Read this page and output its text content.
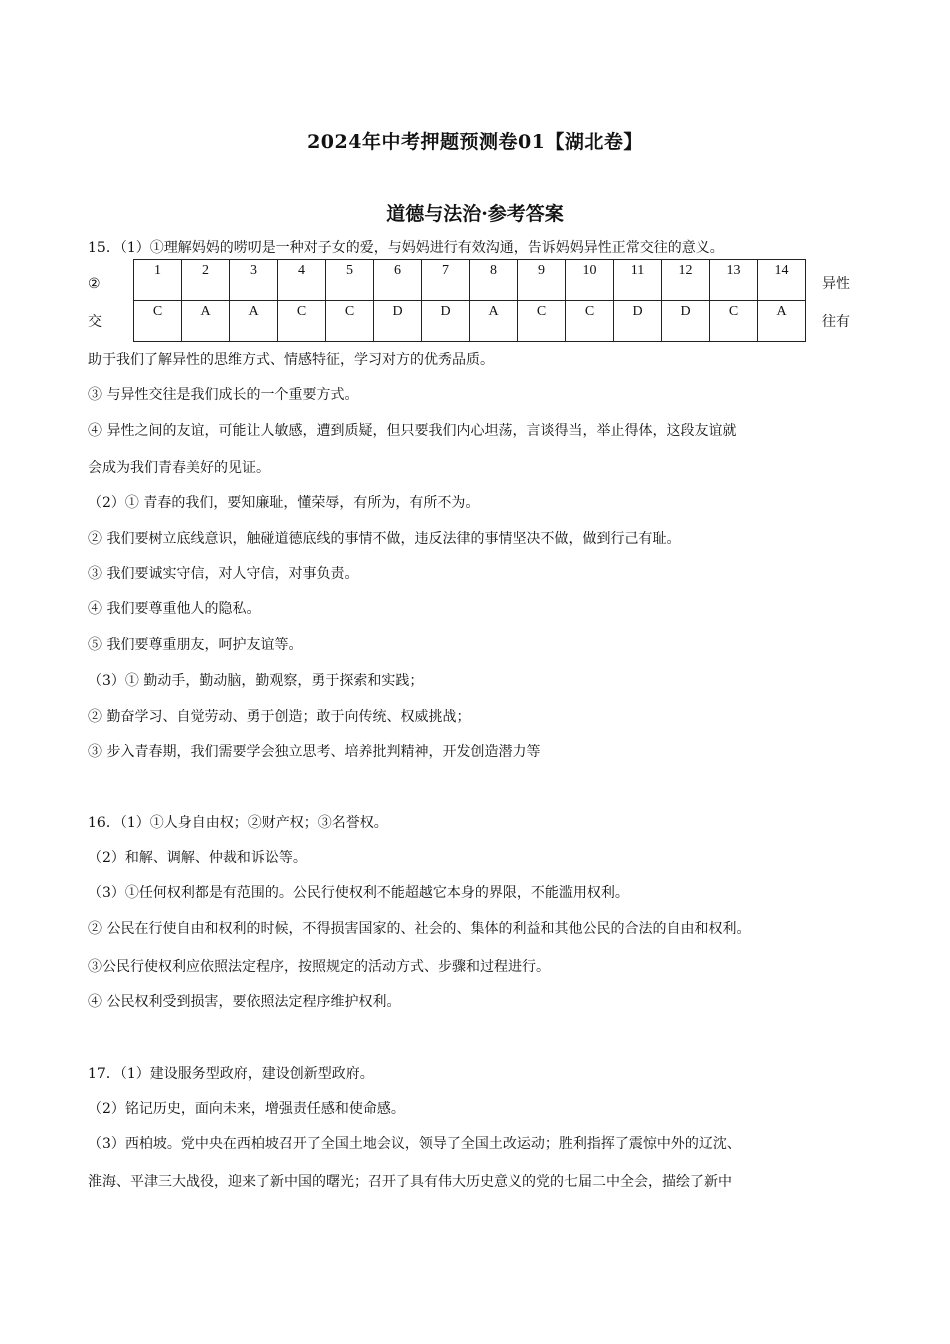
2024年中考押题预测卷01【湖北卷】
道德与法治·参考答案
15．（1）①理解妈妈的唠叨是一种对子女的爱，与妈妈进行有效沟通，告诉妈妈异性正常交往的意义。
②
交
异性
往有
1	2	3	4	5	6	7	8	9	10	11	12	13	14
C	A	A	C	C	D	D	A	C	C	D	D	C	A
助于我们了解异性的思维方式、情感特征，学习对方的优秀品质。
③ 与异性交往是我们成长的一个重要方式。
④ 异性之间的友谊，可能让人敏感，遭到质疑，但只要我们内心坦荡，言谈得当，举止得体，这段友谊就
会成为我们青春美好的见证。
（2）① 青春的我们，要知廉耻，懂荣辱，有所为，有所不为。
② 我们要树立底线意识，触碰道德底线的事情不做，违反法律的事情坚决不做，做到行己有耻。
③ 我们要诚实守信，对人守信，对事负责。
④ 我们要尊重他人的隐私。
⑤ 我们要尊重朋友，呵护友谊等。
（3）① 勤动手，勤动脑，勤观察，勇于探索和实践；
② 勤奋学习、自觉劳动、勇于创造；敢于向传统、权威挑战；
③ 步入青春期，我们需要学会独立思考、培养批判精神，开发创造潜力等
16．（1）①人身自由权；②财产权；③名誉权。
（2）和解、调解、仲裁和诉讼等。
（3）①任何权利都是有范围的。公民行使权利不能超越它本身的界限，不能滥用权利。
② 公民在行使自由和权利的时候，不得损害国家的、社会的、集体的利益和其他公民的合法的自由和权利。
③公民行使权利应依照法定程序，按照规定的活动方式、步骤和过程进行。
④ 公民权利受到损害，要依照法定程序维护权利。
17．（1）建设服务型政府，建设创新型政府。
（2）铭记历史，面向未来，增强责任感和使命感。
（3）西柏坡。党中央在西柏坡召开了全国土地会议，领导了全国土改运动；胜利指挥了震惊中外的辽沈、
淮海、平津三大战役，迎来了新中国的曙光；召开了具有伟大历史意义的党的七届二中全会，描绘了新中
